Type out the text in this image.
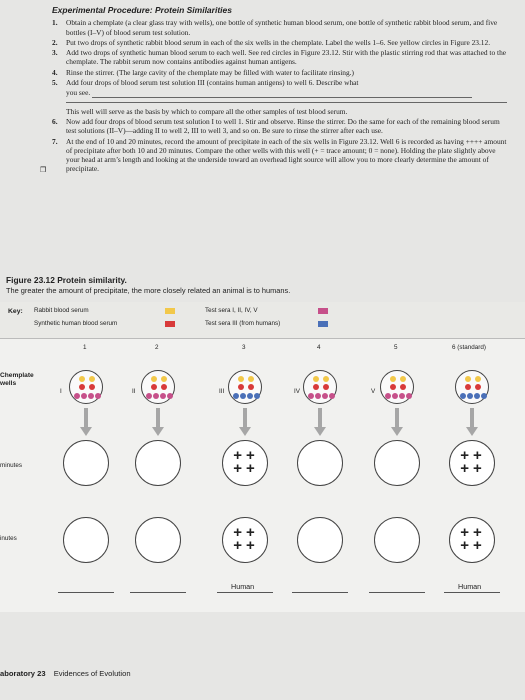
Experimental Procedure: Protein Similarities
1. Obtain a chemplate (a clear glass tray with wells), one bottle of synthetic human blood serum, one bottle of synthetic rabbit blood serum, and five bottles (I–V) of blood serum test solution.
2. Put two drops of synthetic rabbit blood serum in each of the six wells in the chemplate. Label the wells 1–6. See yellow circles in Figure 23.12.
3. Add two drops of synthetic human blood serum to each well. See red circles in Figure 23.12. Stir with the plastic stirring rod that was attached to the chemplate. The rabbit serum now contains antibodies against human antigens.
4. Rinse the stirrer. (The large cavity of the chemplate may be filled with water to facilitate rinsing.)
5. Add four drops of blood serum test solution III (contains human antigens) to well 6. Describe what
you see.
This well will serve as the basis by which to compare all the other samples of test blood serum.
6. Now add four drops of blood serum test solution I to well 1. Stir and observe. Rinse the stirrer. Do the same for each of the remaining blood serum test solutions (II–V)—adding II to well 2, III to well 3, and so on. Be sure to rinse the stirrer after each use.
7. At the end of 10 and 20 minutes, record the amount of precipitate in each of the six wells in Figure 23.12. Well 6 is recorded as having ++++ amount of precipitate after both 10 and 20 minutes. Compare the other wells with this well (+ = trace amount; 0 = none). Holding the plate slightly above your head at arm’s length and looking at the underside toward an overhead light source will allow you to more clearly determine the amount of precipitate.
❒
Figure 23.12 Protein similarity.
The greater the amount of precipitate, the more closely related an animal is to humans.
Key: Rabbit blood serum
Synthetic human blood serum
Test sera I, II, IV, V
Test sera III (from humans)
Chemplate
wells
minutes
inutes
1
I
2
II
3
III
++
++
++
++
Human
4
IV
5
V
6 (standard)
++
++
++
++
Human
aboratory 23 Evidences of Evolution
